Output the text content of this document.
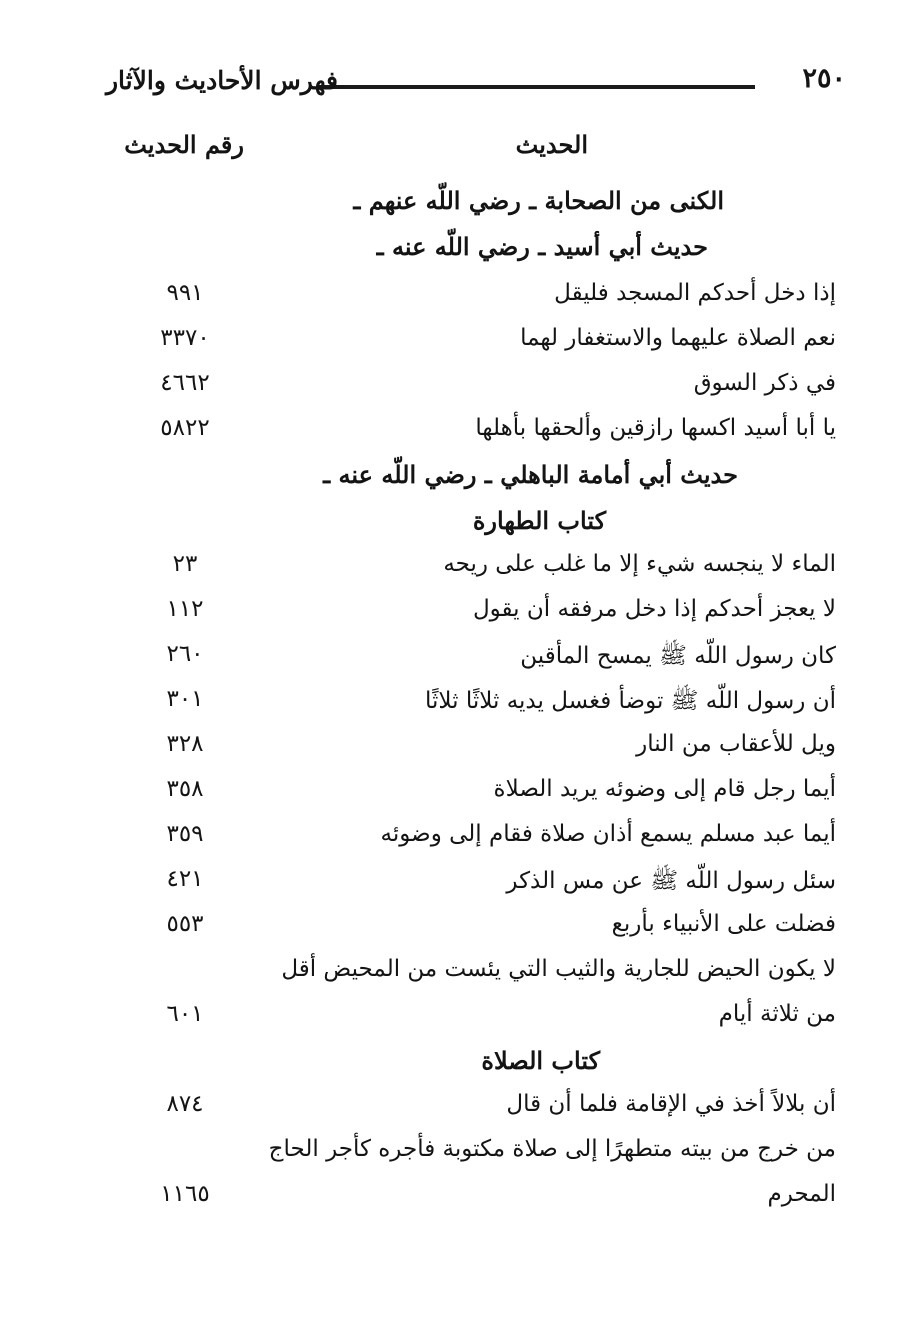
٢٥٠
فهرس الأحاديث والآثار
الحديث
رقم الحديث
الكنى من الصحابة ـ رضي اللّه عنهم ـ
حديث أبي أسيد ـ رضي اللّه عنه ـ
إذا دخل أحدكم المسجد فليقل
٩٩١
نعم الصلاة عليهما والاستغفار لهما
٣٣٧٠
في ذكر السوق
٤٦٦٢
يا أبا أسيد اكسها رازقين وألحقها بأهلها
٥٨٢٢
حديث أبي أمامة الباهلي ـ رضي اللّه عنه ـ
كتاب الطهارة
الماء لا ينجسه شيء إلا ما غلب على ريحه
٢٣
لا يعجز أحدكم إذا دخل مرفقه أن يقول
١١٢
كان رسول اللّه ﷺ يمسح المأقين
٢٦٠
أن رسول اللّه ﷺ توضأ فغسل يديه ثلاثًا ثلاثًا
٣٠١
ويل للأعقاب من النار
٣٢٨
أيما رجل قام إلى وضوئه يريد الصلاة
٣٥٨
أيما عبد مسلم يسمع أذان صلاة فقام إلى وضوئه
٣٥٩
سئل رسول اللّه ﷺ عن مس الذكر
٤٢١
فضلت على الأنبياء بأربع
٥٥٣
لا يكون الحيض للجارية والثيب التي يئست من المحيض أقل
من ثلاثة أيام
٦٠١
كتاب الصلاة
أن بلالاً أخذ في الإقامة فلما أن قال
٨٧٤
من خرج من بيته متطهرًا إلى صلاة مكتوبة فأجره كأجر الحاج
المحرم
١١٦٥
